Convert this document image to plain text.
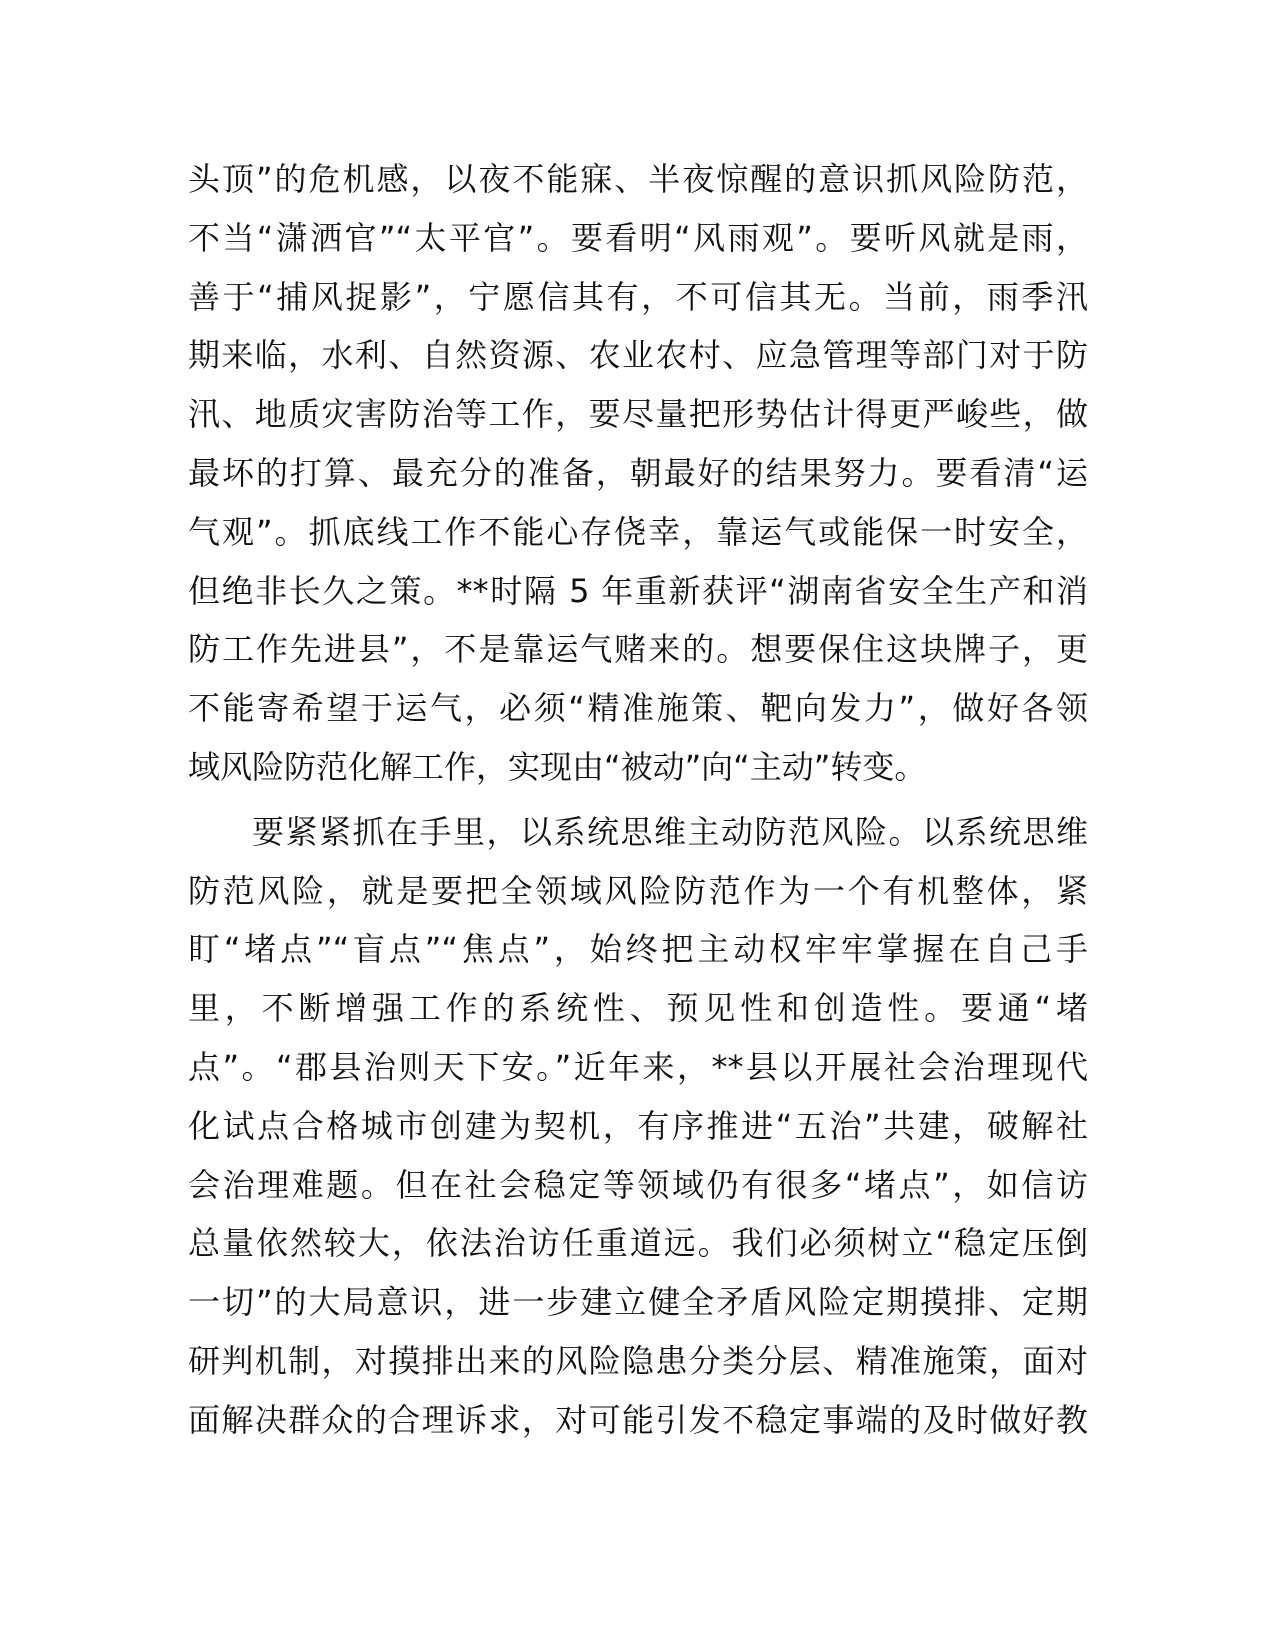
头顶”的危机感，以夜不能寐、半夜惊醒的意识抓风险防范，
不当“潇洒官”“太平官”。要看明“风雨观”。要听风就是雨，
善于“捕风捉影”，宁愿信其有，不可信其无。当前，雨季汛
期来临，水利、自然资源、农业农村、应急管理等部门对于防
汛、地质灾害防治等工作，要尽量把形势估计得更严峻些，做
最坏的打算、最充分的准备，朝最好的结果努力。要看清“运
气观”。抓底线工作不能心存侥幸，靠运气或能保一时安全，
但绝非长久之策。**时隔 5 年重新获评“湖南省安全生产和消
防工作先进县”，不是靠运气赌来的。想要保住这块牌子，更
不能寄希望于运气，必须“精准施策、靶向发力”，做好各领
域风险防范化解工作，实现由“被动”向“主动”转变。
要紧紧抓在手里，以系统思维主动防范风险。以系统思维
防范风险，就是要把全领域风险防范作为一个有机整体，紧
盯“堵点”“盲点”“焦点”，始终把主动权牢牢掌握在自己手
里，不断增强工作的系统性、预见性和创造性。要通“堵
点”。“郡县治则天下安。”近年来，**县以开展社会治理现代
化试点合格城市创建为契机，有序推进“五治”共建，破解社
会治理难题。但在社会稳定等领域仍有很多“堵点”，如信访
总量依然较大，依法治访任重道远。我们必须树立“稳定压倒
一切”的大局意识，进一步建立健全矛盾风险定期摸排、定期
研判机制，对摸排出来的风险隐患分类分层、精准施策，面对
面解决群众的合理诉求，对可能引发不稳定事端的及时做好教
